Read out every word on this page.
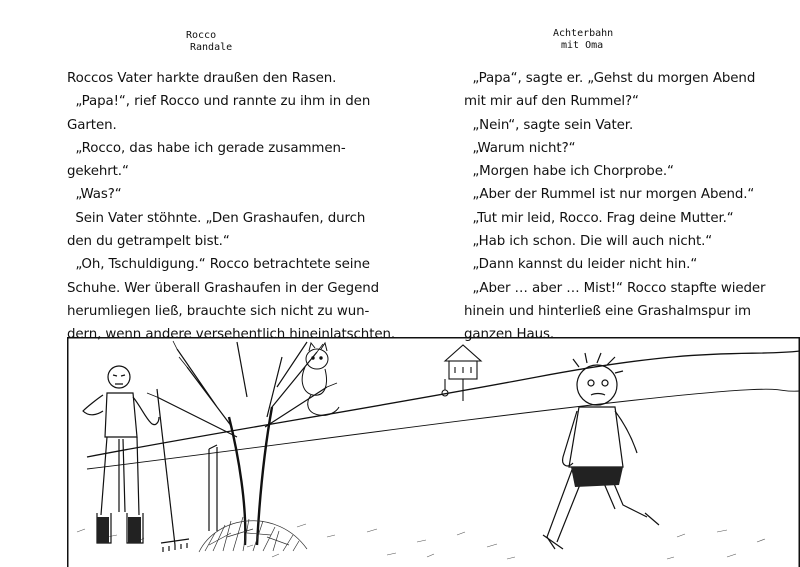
Rocco
Randale
Achterbahn
mit Oma

Roccos Vater harkte draußen den Rasen.

„Papa!“, rief Rocco und rannte zu ihm in den

Garten.

„Rocco, das habe ich gerade zusammen-

gekehrt.“

„Was?“

Sein Vater stöhnte. „Den Grashaufen, durch

den du getrampelt bist.“

„Oh, Tschuldigung.“ Rocco betrachtete seine

Schuhe. Wer überall Grashaufen in der Gegend

herumliegen ließ, brauchte sich nicht zu wun-

dern, wenn andere versehentlich hineinlatschten.

„Papa“, sagte er. „Gehst du morgen Abend

mit mir auf den Rummel?“

„Nein“, sagte sein Vater.

„Warum nicht?“

„Morgen habe ich Chorprobe.“

„Aber der Rummel ist nur morgen Abend.“

„Tut mir leid, Rocco. Frag deine Mutter.“

„Hab ich schon. Die will auch nicht.“

„Dann kannst du leider nicht hin.“

„Aber … aber … Mist!“ Rocco stapfte wieder

hinein und hinterließ eine Grashalmspur im

ganzen Haus.
